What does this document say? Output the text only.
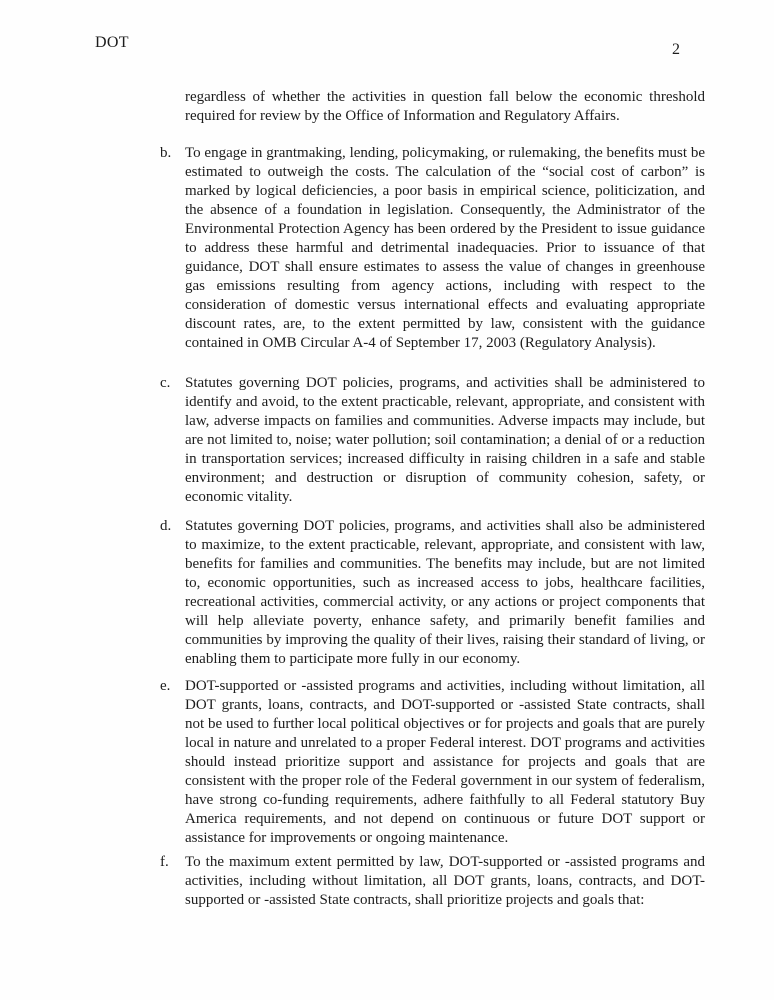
DOT	2
regardless of whether the activities in question fall below the economic threshold required for review by the Office of Information and Regulatory Affairs.
b. To engage in grantmaking, lending, policymaking, or rulemaking, the benefits must be estimated to outweigh the costs. The calculation of the “social cost of carbon” is marked by logical deficiencies, a poor basis in empirical science, politicization, and the absence of a foundation in legislation. Consequently, the Administrator of the Environmental Protection Agency has been ordered by the President to issue guidance to address these harmful and detrimental inadequacies. Prior to issuance of that guidance, DOT shall ensure estimates to assess the value of changes in greenhouse gas emissions resulting from agency actions, including with respect to the consideration of domestic versus international effects and evaluating appropriate discount rates, are, to the extent permitted by law, consistent with the guidance contained in OMB Circular A-4 of September 17, 2003 (Regulatory Analysis).
c. Statutes governing DOT policies, programs, and activities shall be administered to identify and avoid, to the extent practicable, relevant, appropriate, and consistent with law, adverse impacts on families and communities. Adverse impacts may include, but are not limited to, noise; water pollution; soil contamination; a denial of or a reduction in transportation services; increased difficulty in raising children in a safe and stable environment; and destruction or disruption of community cohesion, safety, or economic vitality.
d. Statutes governing DOT policies, programs, and activities shall also be administered to maximize, to the extent practicable, relevant, appropriate, and consistent with law, benefits for families and communities. The benefits may include, but are not limited to, economic opportunities, such as increased access to jobs, healthcare facilities, recreational activities, commercial activity, or any actions or project components that will help alleviate poverty, enhance safety, and primarily benefit families and communities by improving the quality of their lives, raising their standard of living, or enabling them to participate more fully in our economy.
e. DOT-supported or -assisted programs and activities, including without limitation, all DOT grants, loans, contracts, and DOT-supported or -assisted State contracts, shall not be used to further local political objectives or for projects and goals that are purely local in nature and unrelated to a proper Federal interest. DOT programs and activities should instead prioritize support and assistance for projects and goals that are consistent with the proper role of the Federal government in our system of federalism, have strong co-funding requirements, adhere faithfully to all Federal statutory Buy America requirements, and not depend on continuous or future DOT support or assistance for improvements or ongoing maintenance.
f.	To the maximum extent permitted by law, DOT-supported or -assisted programs and activities, including without limitation, all DOT grants, loans, contracts, and DOT-supported or -assisted State contracts, shall prioritize projects and goals that:
